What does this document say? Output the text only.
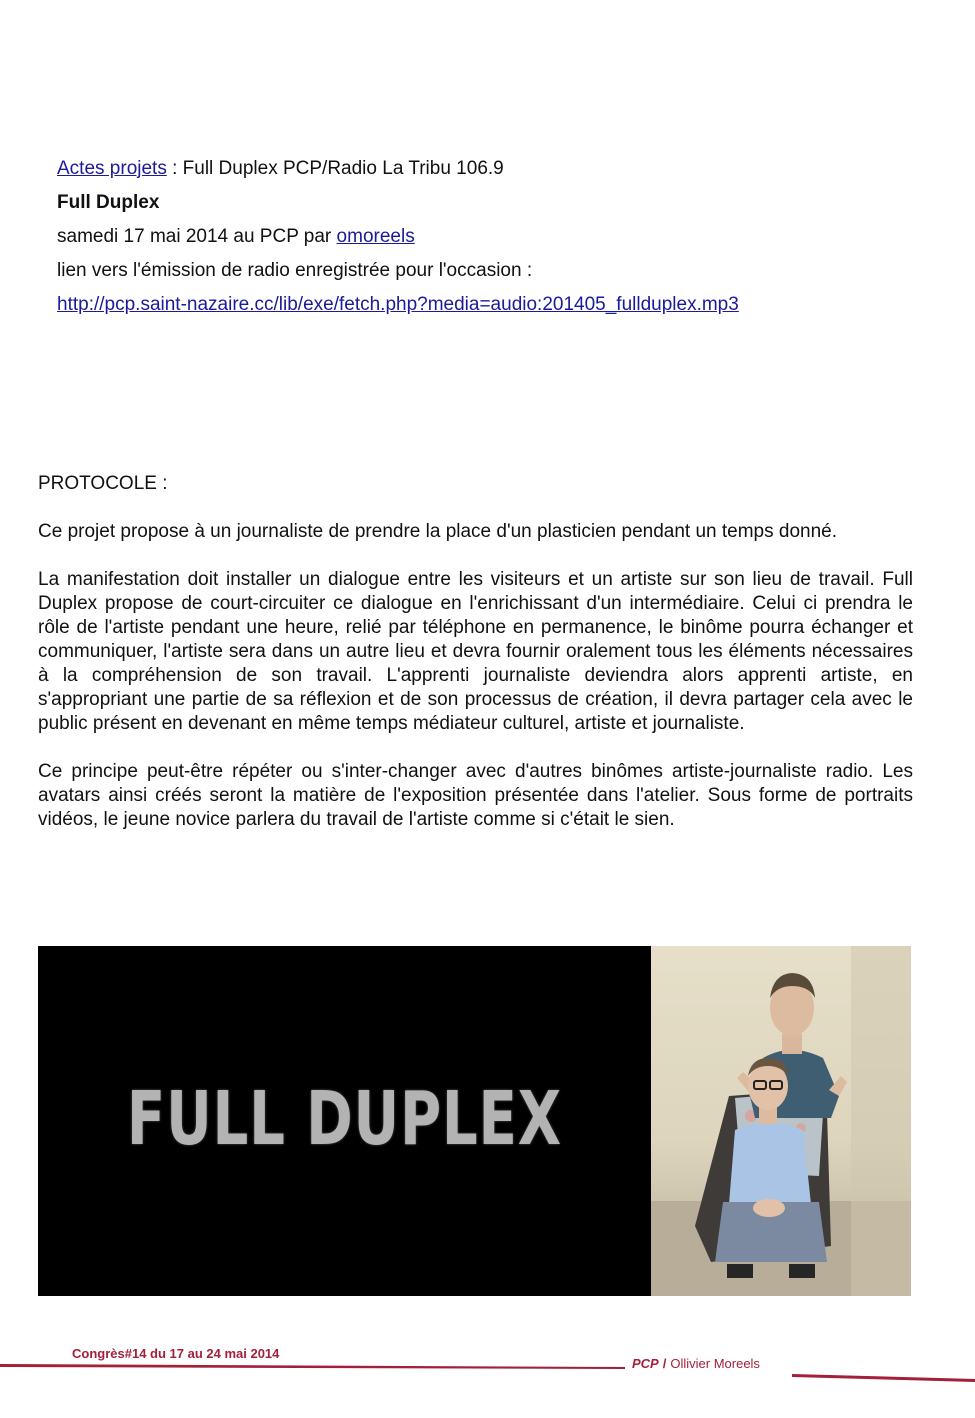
Actes projets : Full Duplex PCP/Radio La Tribu 106.9
Full Duplex
samedi 17 mai 2014 au PCP par omoreels
lien vers l'émission de radio enregistrée pour l'occasion :
http://pcp.saint-nazaire.cc/lib/exe/fetch.php?media=audio:201405_fullduplex.mp3

PROTOCOLE :

Ce projet propose à un journaliste de prendre la place d'un plasticien pendant un temps donné.

La manifestation doit installer un dialogue entre les visiteurs et un artiste sur son lieu de travail. Full Duplex propose de court-circuiter ce dialogue en l'enrichissant d'un intermédiaire. Celui ci prendra le rôle de l'artiste pendant une heure, relié par téléphone en permanence, le binôme pourra échanger et communiquer, l'artiste sera dans un autre lieu et devra fournir oralement tous les éléments nécessaires à la compréhension de son travail. L'apprenti journaliste deviendra alors apprenti artiste, en s'appropriant une partie de sa réflexion et de son processus de création, il devra partager cela avec le public présent en devenant en même temps médiateur culturel, artiste et journaliste.

Ce principe peut-être répéter ou s'inter-changer avec d'autres binômes artiste-journaliste radio. Les avatars ainsi créés seront la matière de l'exposition présentée dans l'atelier. Sous forme de portraits vidéos, le jeune novice parlera du travail de l'artiste comme si c'était le sien.

FULL DUPLEX
Congrès#14 du 17 au 24 mai 2014
PCP / Ollivier Moreels
